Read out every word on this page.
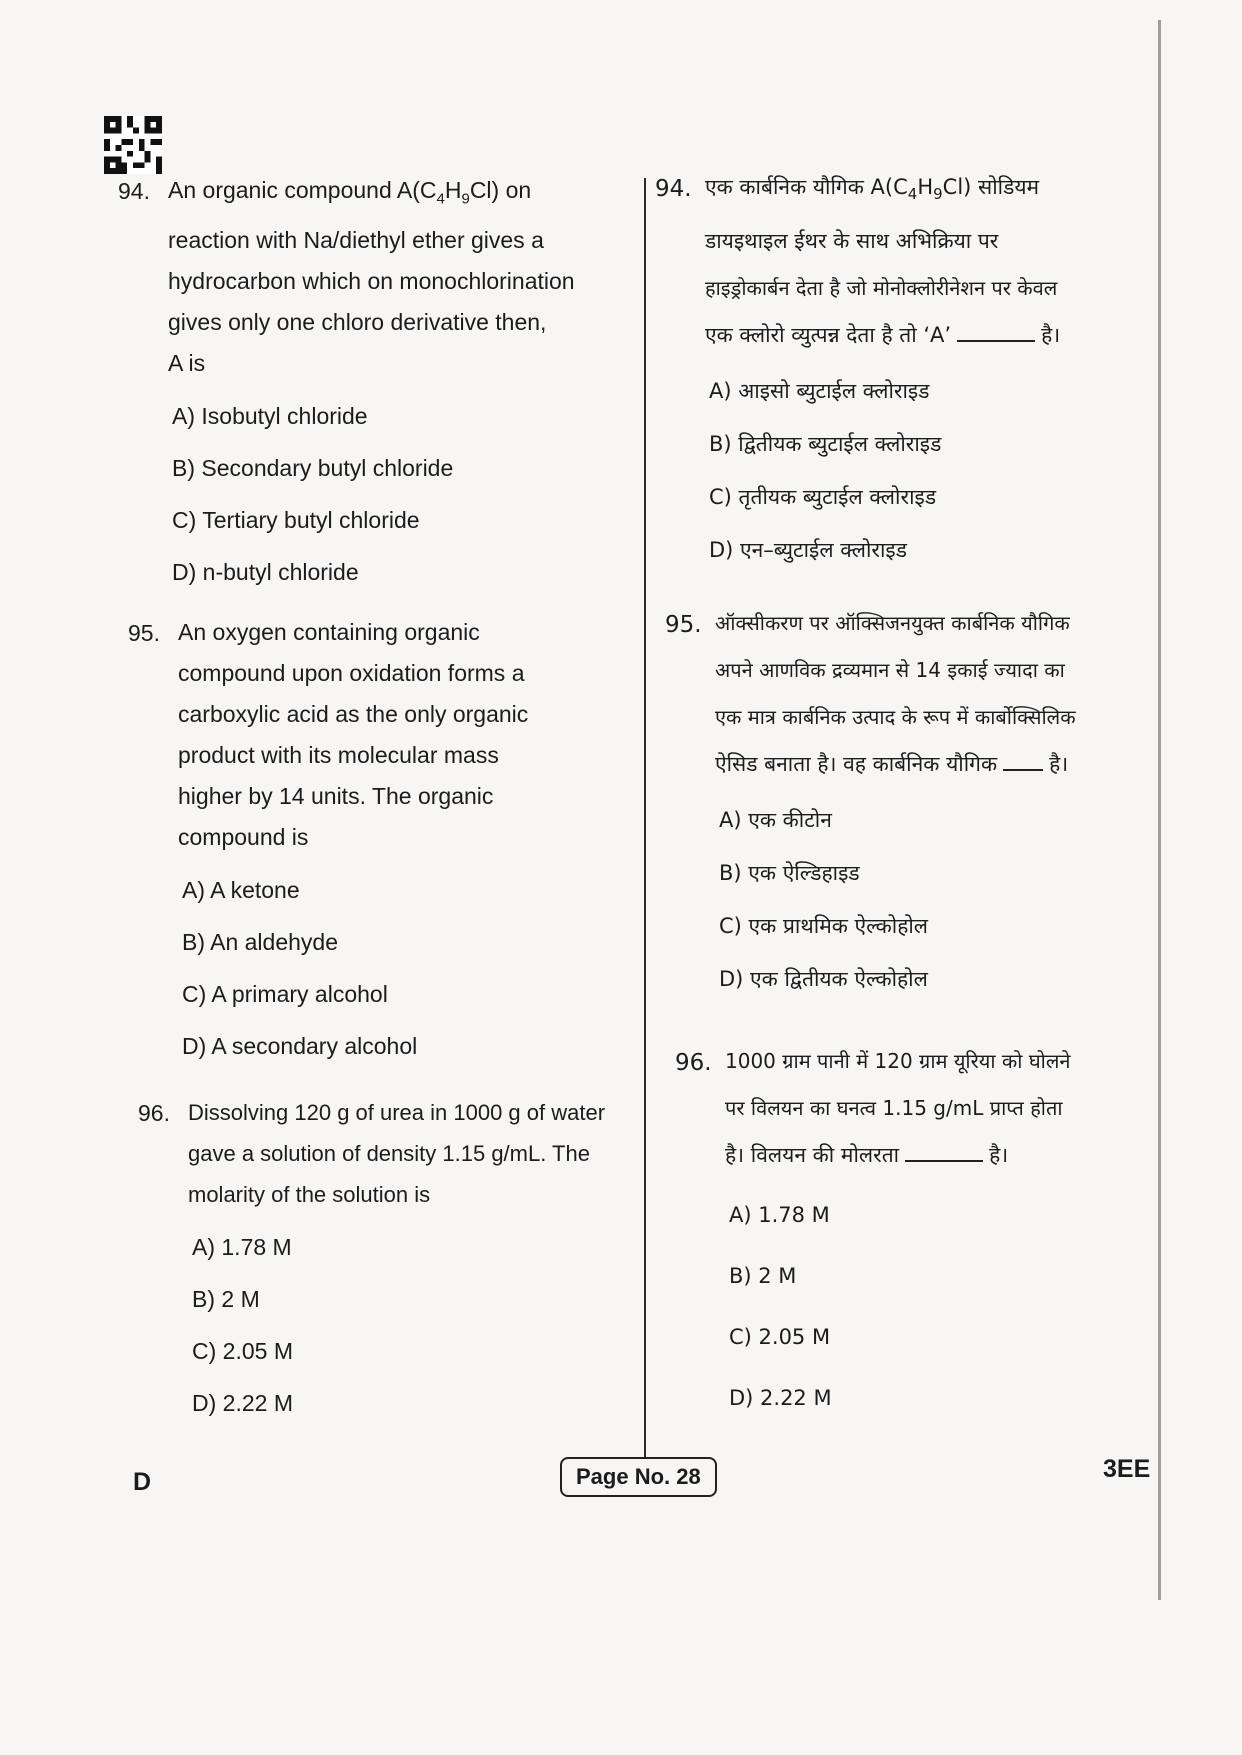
94. An organic compound $A(C_4H_9Cl)$ on
reaction with Na/diethyl ether gives a
hydrocarbon which on monochlorination
gives only one chloro derivative then,
A is
A) Isobutyl chloride
B) Secondary butyl chloride
C) Tertiary butyl chloride
D) n-butyl chloride
95. An oxygen containing organic
compound upon oxidation forms a
carboxylic acid as the only organic
product with its molecular mass
higher by 14 units. The organic
compound is
A) A ketone
B) An aldehyde
C) A primary alcohol
D) A secondary alcohol
96. Dissolving 120 g of urea in 1000 g of water
gave a solution of density 1.15 g/mL. The
molarity of the solution is
A) 1.78 M
B) 2 M
C) 2.05 M
D) 2.22 M
94. एक कार्बनिक यौगिक $A(C_4H_9Cl)$ सोडियम
डायइथाइल ईथर के साथ अभिक्रिया पर
हाइड्रोकार्बन देता है जो मोनोक्लोरीनेशन पर केवल
एक क्लोरो व्युत्पन्न देता है तो ‘A’	है।
A) आइसो ब्युटाईल क्लोराइड
B) द्वितीयक ब्युटाईल क्लोराइड
C) तृतीयक ब्युटाईल क्लोराइड
D) एन–ब्युटाईल क्लोराइड
95. ऑक्सीकरण पर ऑक्सिजनयुक्त कार्बनिक यौगिक
अपने आणविक द्रव्यमान से 14 इकाई ज्यादा का
एक मात्र कार्बनिक उत्पाद के रूप में कार्बोक्सिलिक
ऐसिड बनाता है। वह कार्बनिक यौगिक है।
A) एक कीटोन
B) एक ऐल्डिहाइड
C) एक प्राथमिक ऐल्कोहोल
D) एक द्वितीयक ऐल्कोहोल
96. 1000 ग्राम पानी में 120 ग्राम यूरिया को घोलने
पर विलयन का घनत्व 1.15 g/mL प्राप्त होता
है। विलयन की मोलरता	है।
A) 1.78 M
B) 2 M
C) 2.05 M
D) 2.22 M
D	Page No. 28	3EE
